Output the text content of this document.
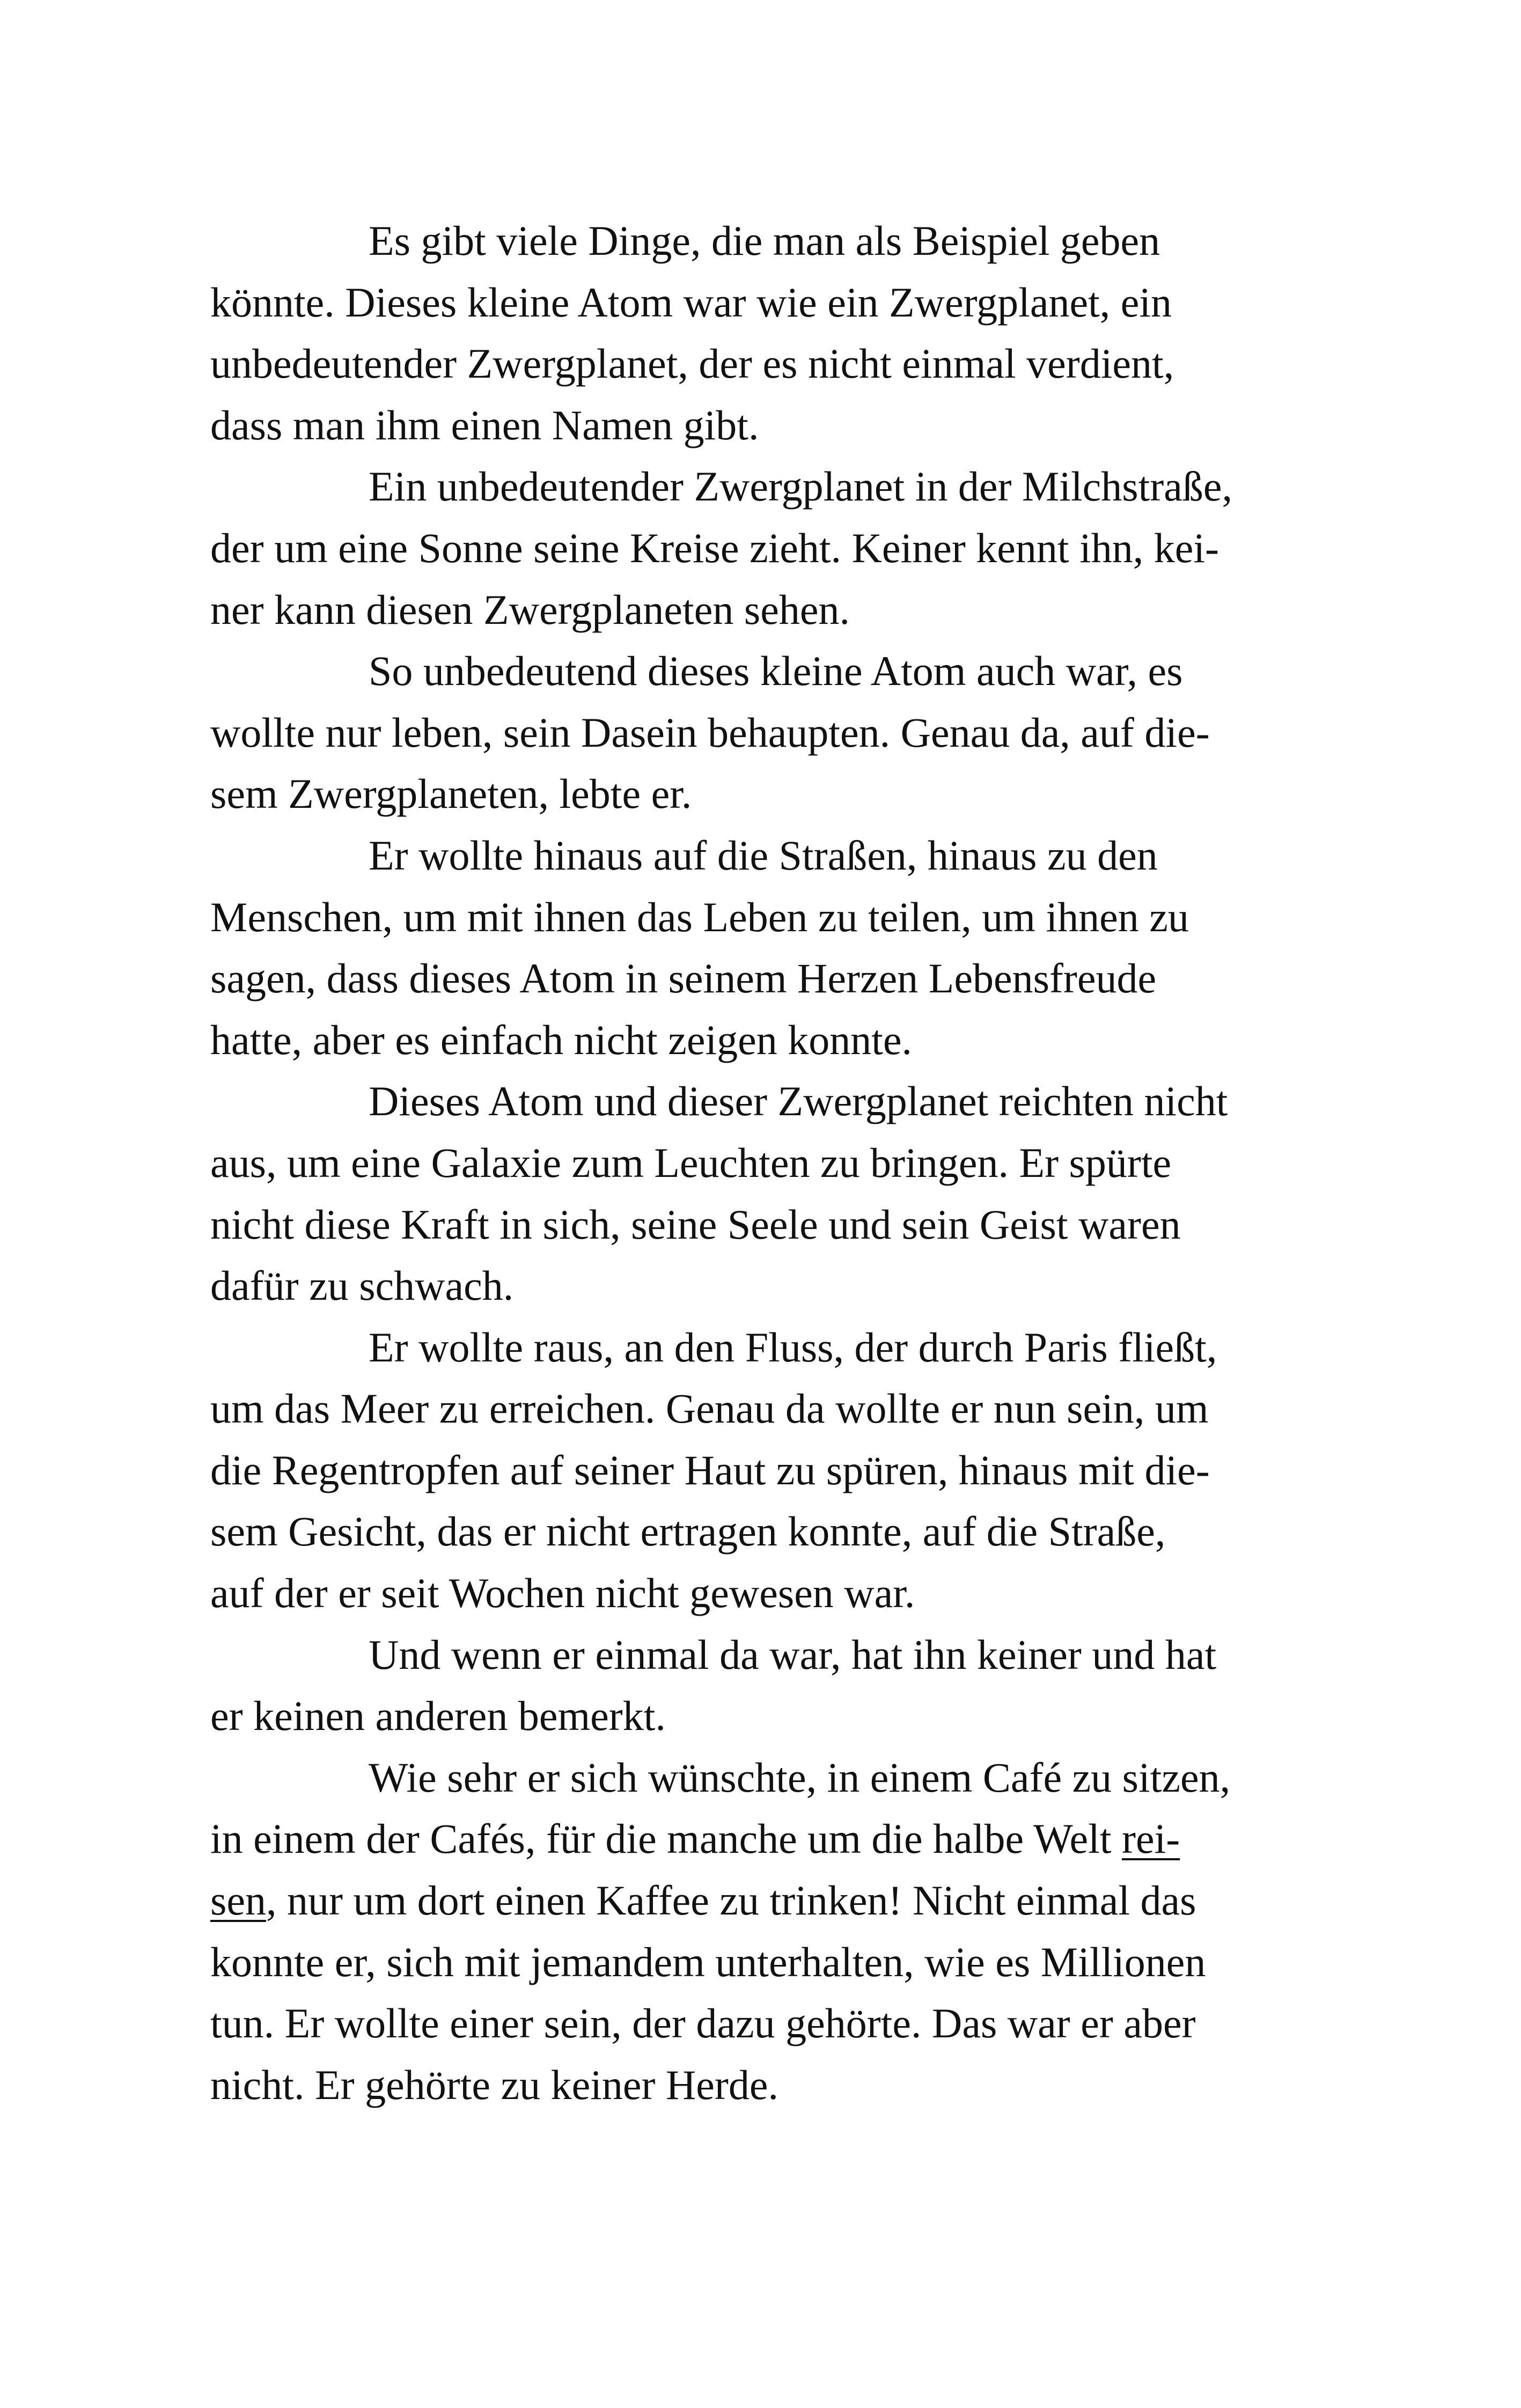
Es gibt viele Dinge, die man als Beispiel geben
könnte. Dieses kleine Atom war wie ein Zwergplanet, ein
unbedeutender Zwergplanet, der es nicht einmal verdient,
dass man ihm einen Namen gibt.

Ein unbedeutender Zwergplanet in der Milchstraße,
der um eine Sonne seine Kreise zieht. Keiner kennt ihn, kei-
ner kann diesen Zwergplaneten sehen.

So unbedeutend dieses kleine Atom auch war, es
wollte nur leben, sein Dasein behaupten. Genau da, auf die-
sem Zwergplaneten, lebte er.

Er wollte hinaus auf die Straßen, hinaus zu den
Menschen, um mit ihnen das Leben zu teilen, um ihnen zu
sagen, dass dieses Atom in seinem Herzen Lebensfreude
hatte, aber es einfach nicht zeigen konnte.

Dieses Atom und dieser Zwergplanet reichten nicht
aus, um eine Galaxie zum Leuchten zu bringen. Er spürte
nicht diese Kraft in sich, seine Seele und sein Geist waren
dafür zu schwach.

Er wollte raus, an den Fluss, der durch Paris fließt,
um das Meer zu erreichen. Genau da wollte er nun sein, um
die Regentropfen auf seiner Haut zu spüren, hinaus mit die-
sem Gesicht, das er nicht ertragen konnte, auf die Straße,
auf der er seit Wochen nicht gewesen war.

Und wenn er einmal da war, hat ihn keiner und hat
er keinen anderen bemerkt.

Wie sehr er sich wünschte, in einem Café zu sitzen,
in einem der Cafés, für die manche um die halbe Welt rei-
sen, nur um dort einen Kaffee zu trinken! Nicht einmal das
konnte er, sich mit jemandem unterhalten, wie es Millionen
tun. Er wollte einer sein, der dazu gehörte. Das war er aber
nicht. Er gehörte zu keiner Herde.
